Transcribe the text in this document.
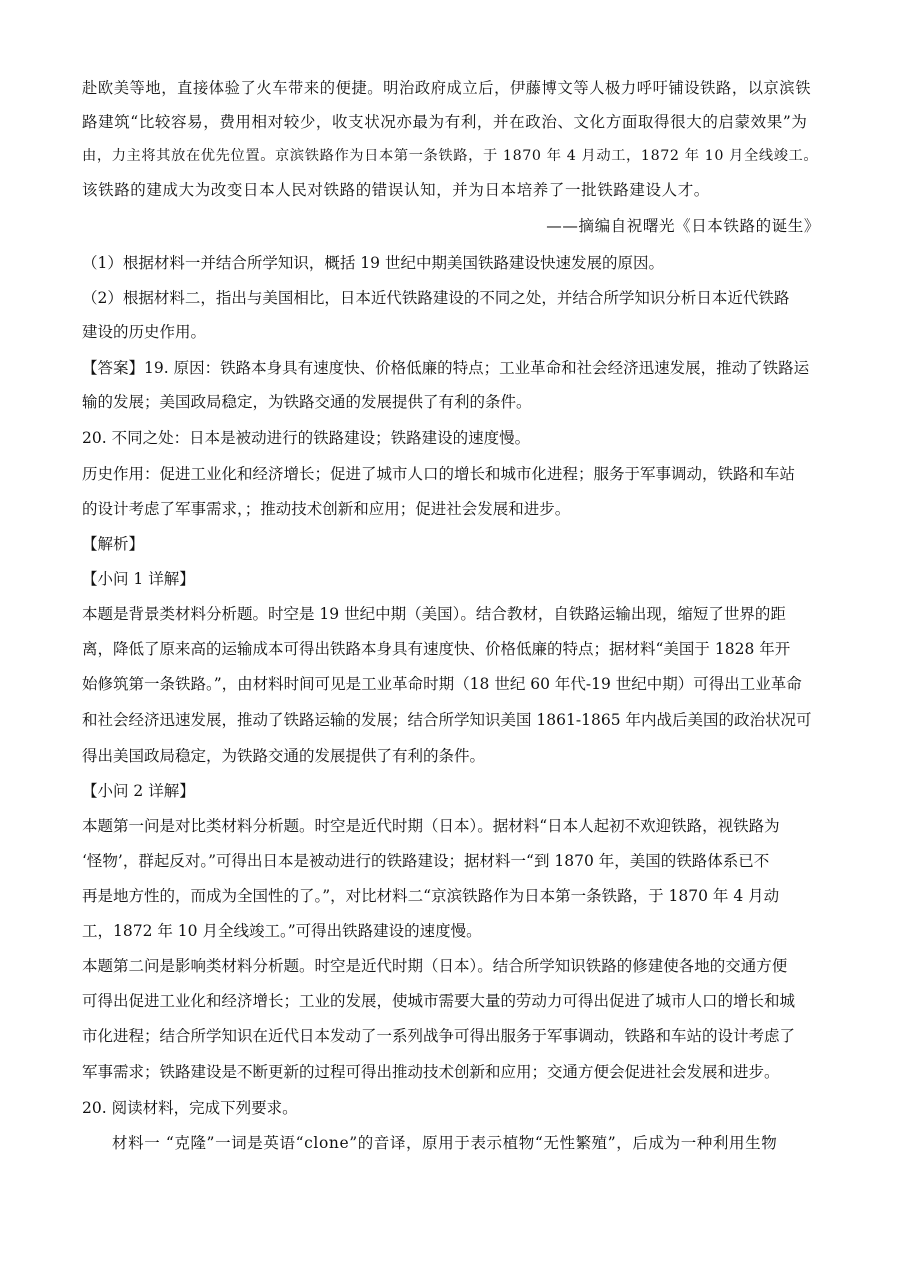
赴欧美等地，直接体验了火车带来的便捷。明治政府成立后，伊藤博文等人极力呼吁铺设铁路，以京滨铁
路建筑“比较容易，费用相对较少，收支状况亦最为有利，并在政治、文化方面取得很大的启蒙效果”为
由，力主将其放在优先位置。京滨铁路作为日本第一条铁路，于 1870 年 4 月动工，1872 年 10 月全线竣工。
该铁路的建成大为改变日本人民对铁路的错误认知，并为日本培养了一批铁路建设人才。
——摘编自祝曙光《日本铁路的诞生》
（1）根据材料一并结合所学知识，概括 19 世纪中期美国铁路建设快速发展的原因。
（2）根据材料二，指出与美国相比，日本近代铁路建设的不同之处，并结合所学知识分析日本近代铁路
建设的历史作用。
【答案】19. 原因：铁路本身具有速度快、价格低廉的特点；工业革命和社会经济迅速发展，推动了铁路运
输的发展；美国政局稳定，为铁路交通的发展提供了有利的条件。
20. 不同之处：日本是被动进行的铁路建设；铁路建设的速度慢。
历史作用：促进工业化和经济增长；促进了城市人口的增长和城市化进程；服务于军事调动，铁路和车站
的设计考虑了军事需求，；推动技术创新和应用；促进社会发展和进步。
【解析】
【小问 1 详解】
本题是背景类材料分析题。时空是 19 世纪中期（美国）。结合教材，自铁路运输出现，缩短了世界的距
离，降低了原来高的运输成本可得出铁路本身具有速度快、价格低廉的特点；据材料“美国于 1828 年开
始修筑第一条铁路。”，由材料时间可见是工业革命时期（18 世纪 60 年代-19 世纪中期）可得出工业革命
和社会经济迅速发展，推动了铁路运输的发展；结合所学知识美国 1861-1865 年内战后美国的政治状况可
得出美国政局稳定，为铁路交通的发展提供了有利的条件。
【小问 2 详解】
本题第一问是对比类材料分析题。时空是近代时期（日本）。据材料“日本人起初不欢迎铁路，视铁路为
‘怪物’，群起反对。”可得出日本是被动进行的铁路建设；据材料一“到 1870 年，美国的铁路体系已不
再是地方性的，而成为全国性的了。”，对比材料二“京滨铁路作为日本第一条铁路，于 1870 年 4 月动
工，1872 年 10 月全线竣工。”可得出铁路建设的速度慢。
本题第二问是影响类材料分析题。时空是近代时期（日本）。结合所学知识铁路的修建使各地的交通方便
可得出促进工业化和经济增长；工业的发展，使城市需要大量的劳动力可得出促进了城市人口的增长和城
市化进程；结合所学知识在近代日本发动了一系列战争可得出服务于军事调动，铁路和车站的设计考虑了
军事需求；铁路建设是不断更新的过程可得出推动技术创新和应用；交通方便会促进社会发展和进步。
20. 阅读材料，完成下列要求。
材料一 “克隆”一词是英语“clone”的音译，原用于表示植物“无性繁殖”，后成为一种利用生物
